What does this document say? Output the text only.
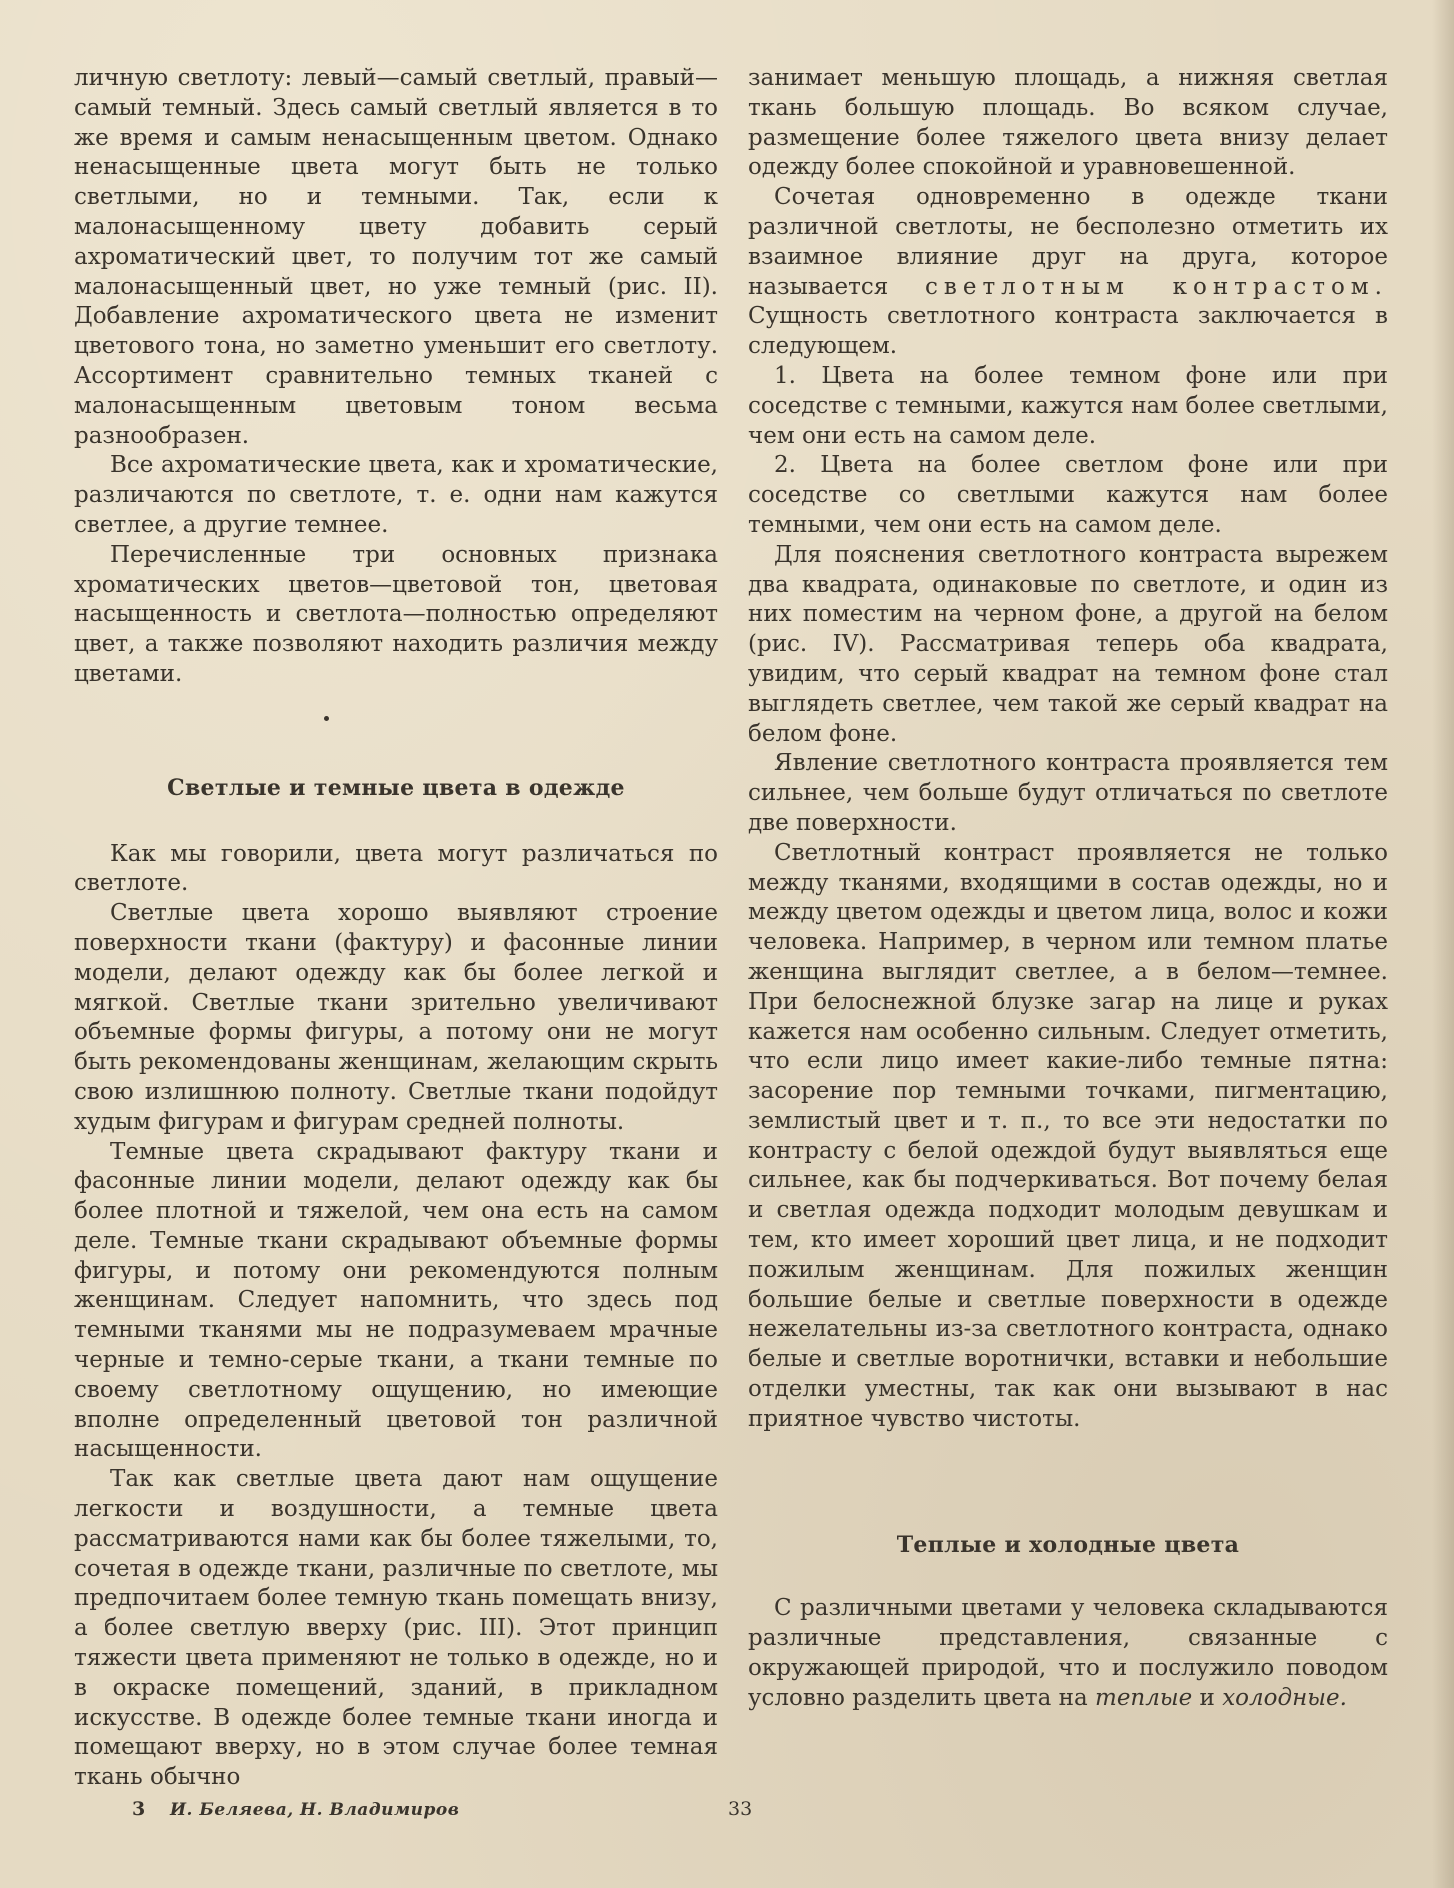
личную светлоту: левый—самый светлый, правый—самый темный. Здесь самый светлый является в то же время и самым ненасыщенным цветом. Однако ненасыщенные цвета могут быть не только светлыми, но и темными. Так, если к малонасыщенному цвету добавить серый ахроматический цвет, то получим тот же самый малонасыщенный цвет, но уже темный (рис. II). Добавление ахроматического цвета не изменит цветового тона, но заметно уменьшит его светлоту. Ассортимент сравнительно темных тканей с малонасыщенным цветовым тоном весьма разнообразен.

Все ахроматические цвета, как и хроматические, различаются по светлоте, т. е. одни нам кажутся светлее, а другие темнее.

Перечисленные три основных признака хроматических цветов—цветовой тон, цветовая насыщенность и светлота—полностью определяют цвет, а также позволяют находить различия между цветами.

Светлые и темные цвета в одежде

Как мы говорили, цвета могут различаться по светлоте.

Светлые цвета хорошо выявляют строение поверхности ткани (фактуру) и фасонные линии модели, делают одежду как бы более легкой и мягкой. Светлые ткани зрительно увеличивают объемные формы фигуры, а потому они не могут быть рекомендованы женщинам, желающим скрыть свою излишнюю полноту. Светлые ткани подойдут худым фигурам и фигурам средней полноты.

Темные цвета скрадывают фактуру ткани и фасонные линии модели, делают одежду как бы более плотной и тяжелой, чем она есть на самом деле. Темные ткани скрадывают объемные формы фигуры, и потому они рекомендуются полным женщинам. Следует напомнить, что здесь под темными тканями мы не подразумеваем мрачные черные и темно-серые ткани, а ткани темные по своему светлотному ощущению, но имеющие вполне определенный цветовой тон различной насыщенности.

Так как светлые цвета дают нам ощущение легкости и воздушности, а темные цвета рассматриваются нами как бы более тяжелыми, то, сочетая в одежде ткани, различные по светлоте, мы предпочитаем более темную ткань помещать внизу, а более светлую вверху (рис. III). Этот принцип тяжести цвета применяют не только в одежде, но и в окраске помещений, зданий, в прикладном искусстве. В одежде более темные ткани иногда и помещают вверху, но в этом случае более темная ткань обычно

занимает меньшую площадь, а нижняя светлая ткань большую площадь. Во всяком случае, размещение более тяжелого цвета внизу делает одежду более спокойной и уравновешенной.

Сочетая одновременно в одежде ткани различной светлоты, не бесполезно отметить их взаимное влияние друг на друга, которое называется светлотным контрастом. Сущность светлотного контраста заключается в следующем.

1. Цвета на более темном фоне или при соседстве с темными, кажутся нам более светлыми, чем они есть на самом деле.

2. Цвета на более светлом фоне или при соседстве со светлыми кажутся нам более темными, чем они есть на самом деле.

Для пояснения светлотного контраста вырежем два квадрата, одинаковые по светлоте, и один из них поместим на черном фоне, а другой на белом (рис. IV). Рассматривая теперь оба квадрата, увидим, что серый квадрат на темном фоне стал выглядеть светлее, чем такой же серый квадрат на белом фоне.

Явление светлотного контраста проявляется тем сильнее, чем больше будут отличаться по светлоте две поверхности.

Светлотный контраст проявляется не только между тканями, входящими в состав одежды, но и между цветом одежды и цветом лица, волос и кожи человека. Например, в черном или темном платье женщина выглядит светлее, а в белом—темнее. При белоснежной блузке загар на лице и руках кажется нам особенно сильным. Следует отметить, что если лицо имеет какие-либо темные пятна: засорение пор темными точками, пигментацию, землистый цвет и т. п., то все эти недостатки по контрасту с белой одеждой будут выявляться еще сильнее, как бы подчеркиваться. Вот почему белая и светлая одежда подходит молодым девушкам и тем, кто имеет хороший цвет лица, и не подходит пожилым женщинам. Для пожилых женщин большие белые и светлые поверхности в одежде нежелательны из-за светлотного контраста, однако белые и светлые воротнички, вставки и небольшие отделки уместны, так как они вызывают в нас приятное чувство чистоты.

Теплые и холодные цвета

С различными цветами у человека складываются различные представления, связанные с окружающей природой, что и послужило поводом условно разделить цвета на теплые и холодные.

3 И. Беляева, Н. Владимиров	33
